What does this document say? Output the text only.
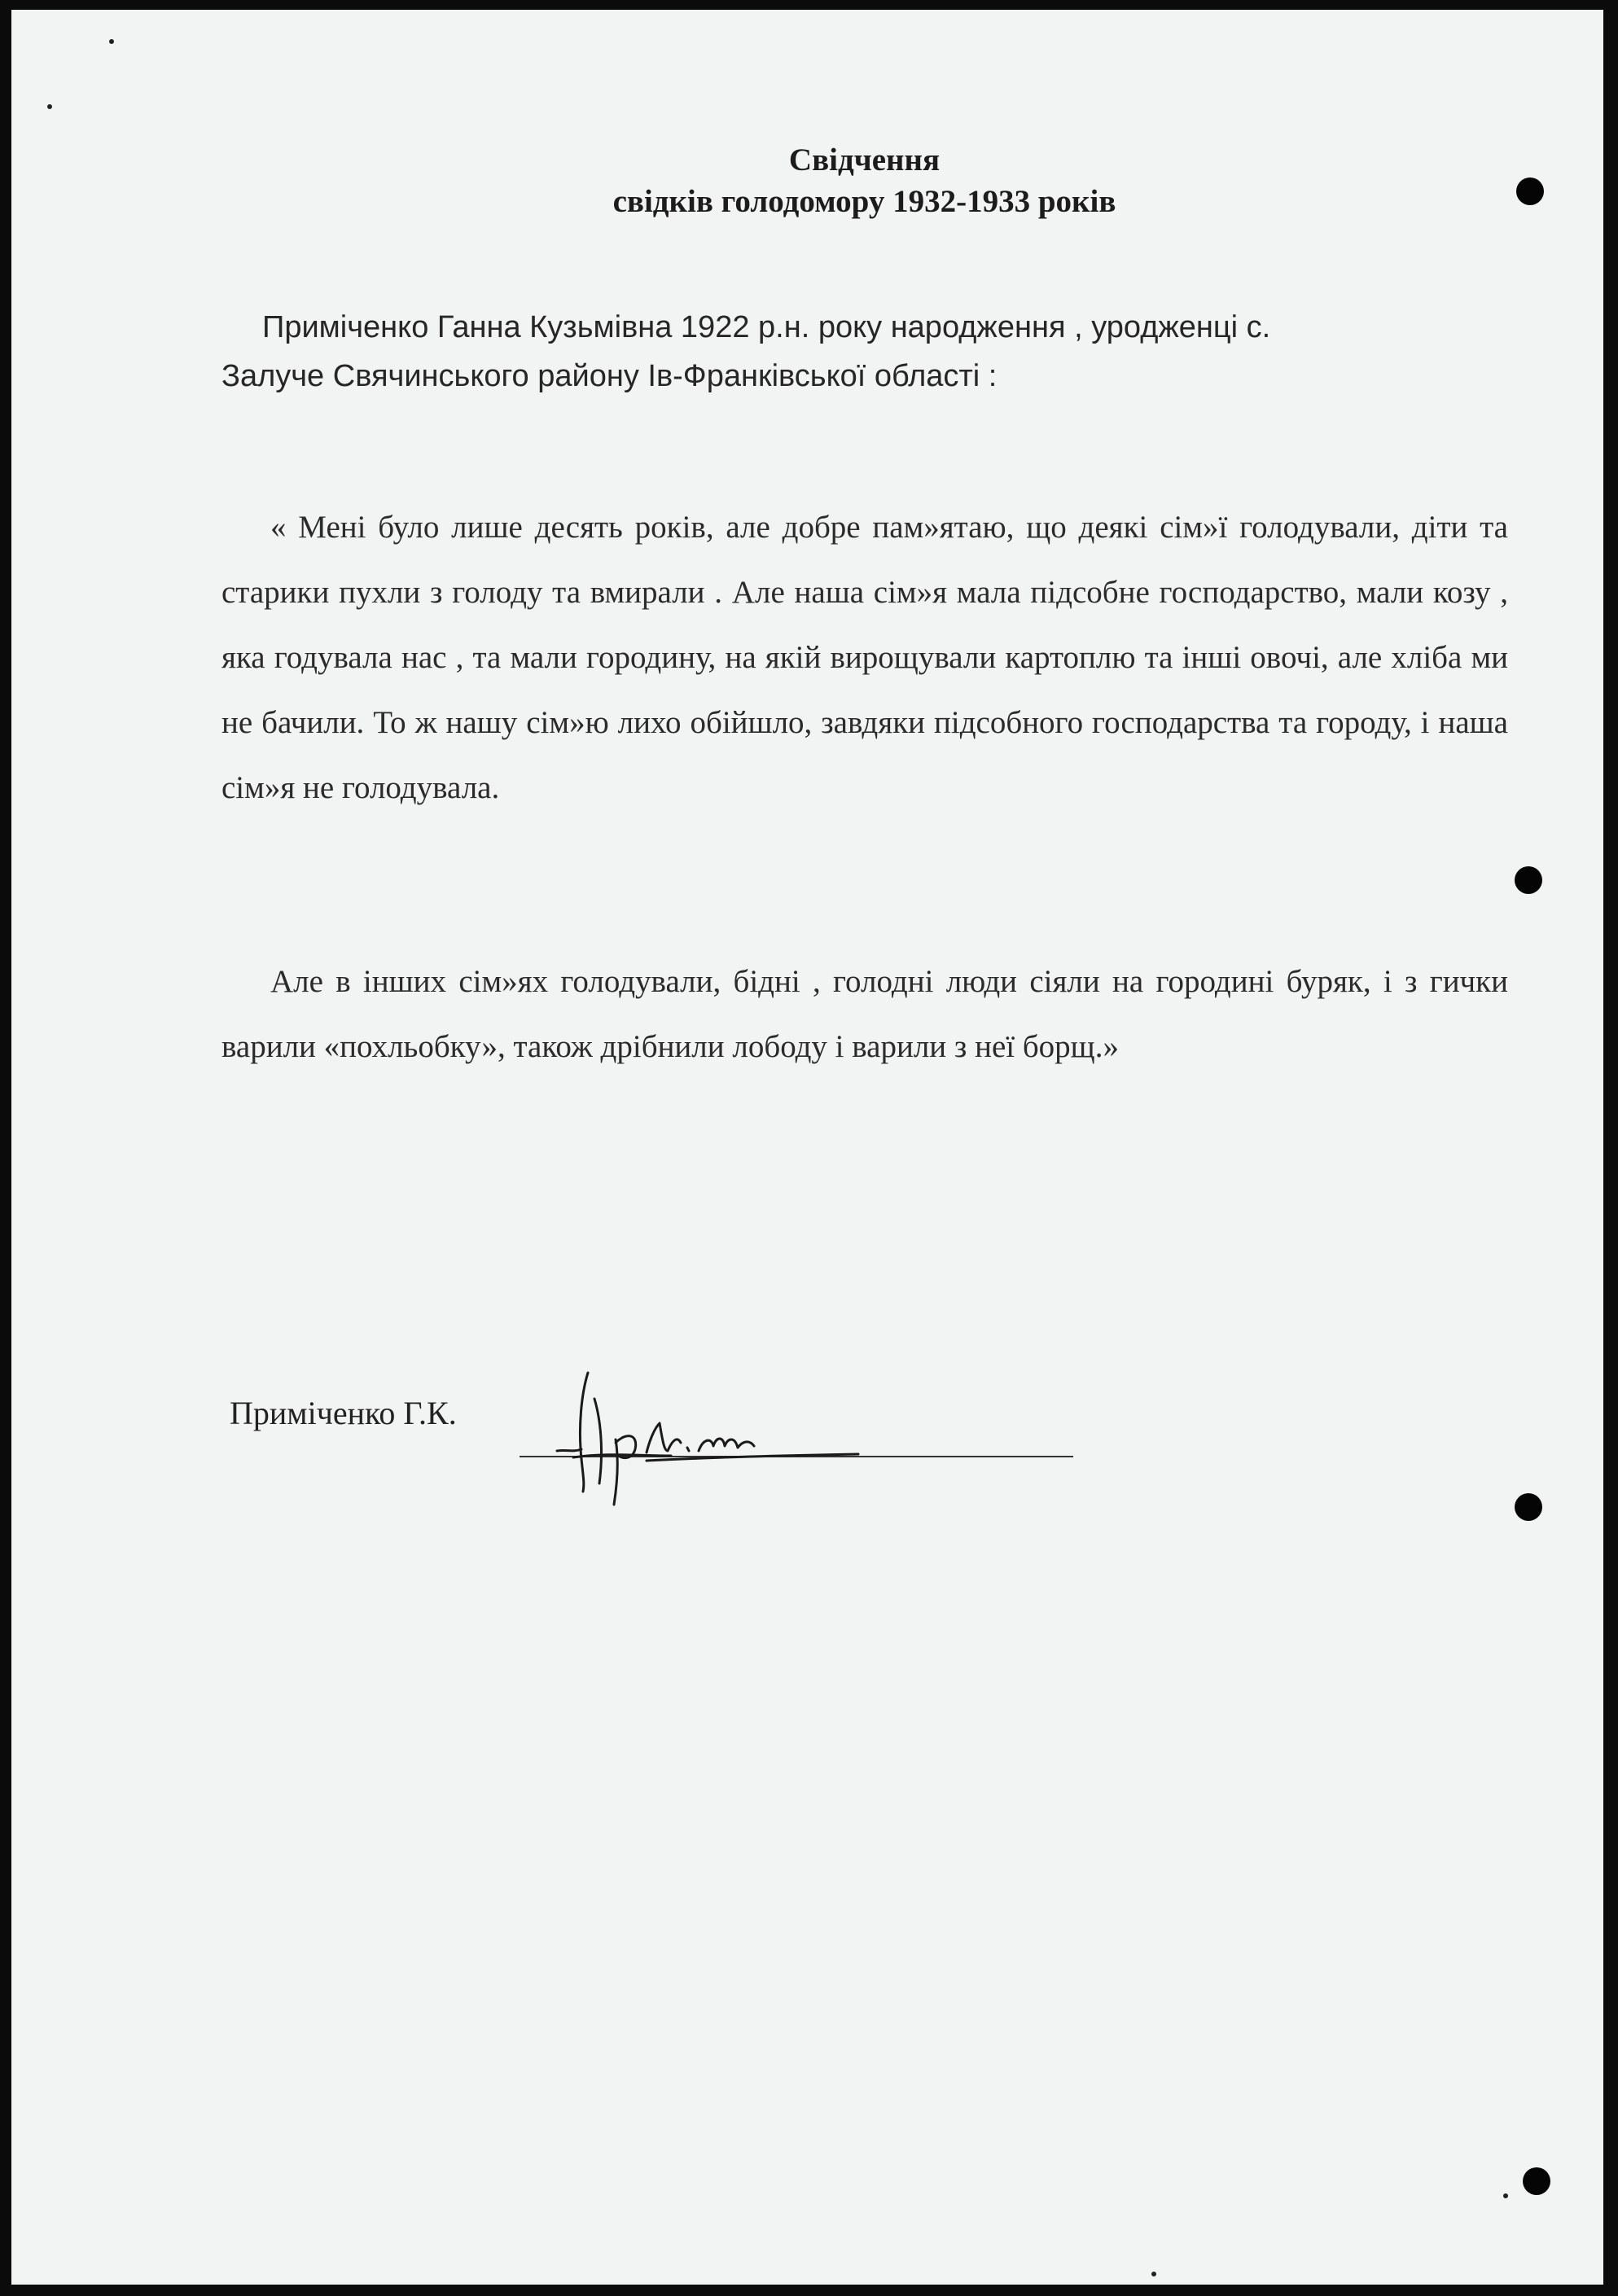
Свідчення
свідків голодомору 1932-1933 років
Приміченко Ганна Кузьмівна 1922 р.н. року народження , уродженці с.
Залуче Свячинського району Ів-Франківської області :
« Мені було лише десять років, але добре пам»ятаю, що деякі сім»ї голодували, діти та старики пухли з голоду та вмирали . Але наша сім»я мала підсобне господарство, мали козу , яка годувала нас , та мали городину, на якій вирощували картоплю та інші овочі, але хліба ми не бачили. То ж нашу сім»ю лихо обійшло, завдяки підсобного господарства та городу, і наша сім»я не голодувала.
Але в інших сім»ях голодували, бідні , голодні люди сіяли на городині буряк, і з гички варили «похльобку», також дрібнили лободу і варили з неї борщ.»
Приміченко Г.К.
